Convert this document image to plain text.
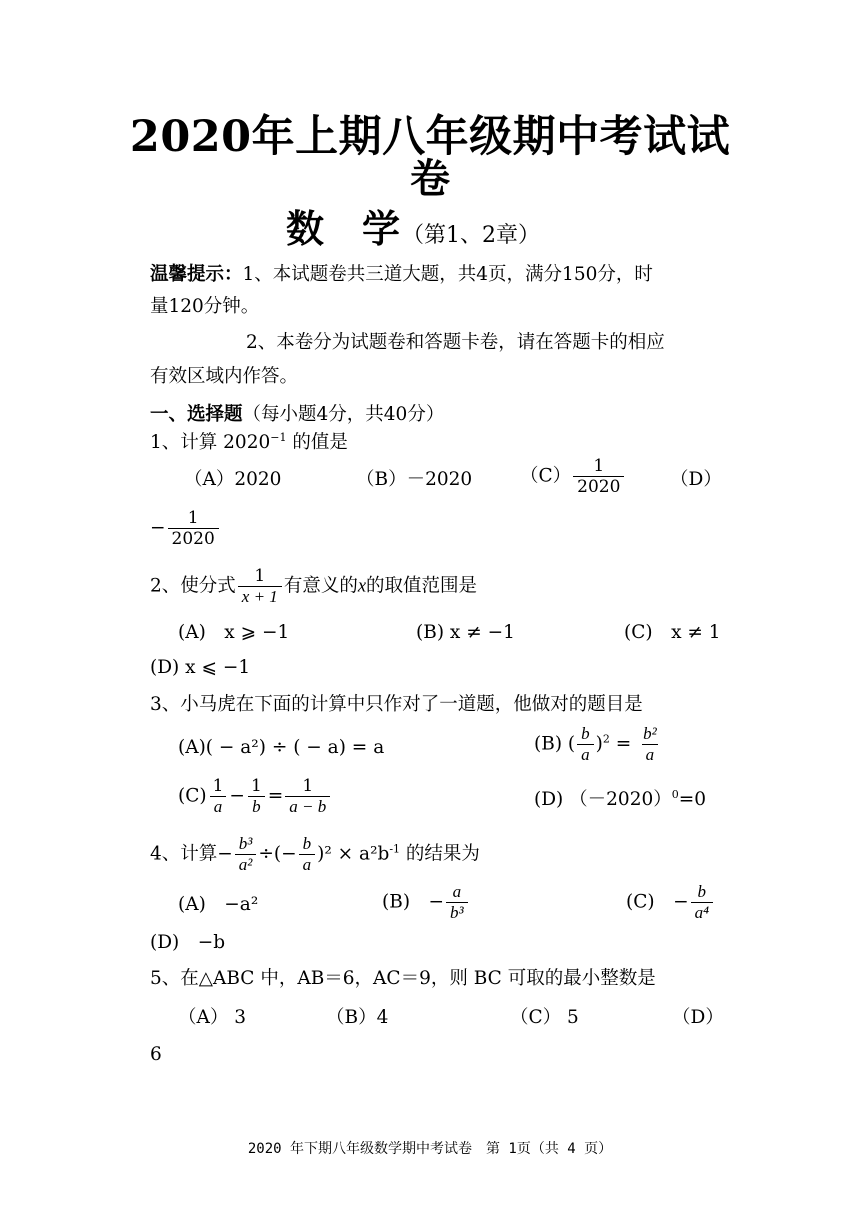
2020年上期八年级期中考试试
卷
数　学（第1、2章）
温馨提示：1、本试题卷共三道大题，共4页，满分150分，时
量120分钟。
2、本卷分为试题卷和答题卡卷，请在答题卡的相应
有效区域内作答。
一、选择题（每小题4分，共40分）
1、计算 $2020^{-1}$ 的值是
（A）2020	（B）－2020	$(C) \frac{1}{2020} (D)$
− $\frac{1}{2020}$
2、使分式 $\frac{1}{x + 1}$ 有意义的x的取值范围是
(A)　x ⩾ −1	(B) x ≠ −1	(C)　x ≠ 1
(D) x ⩽ −1
3、小马虎在下面的计算中只作对了一道题，他做对的题目是
(A)( − a²) ÷ ( − a) = a	(B) ( $\frac{b}{a} )^2 = \frac{\text{b²}}{a}$
$(C) \frac{1}{a} - \frac{1}{b} = \frac{1}{a - b}$	(D) $(-2020)^0=0$
4、计算− $\frac{\text{b³}}{\text{a²}}$ ÷(− $\frac{b}{a} )^2 \times a^2b^{-1}$ 的结果为
(A)　−a²	(B)　− $\frac{a}{\text{b³}}$	(C)　− $\frac{b}{\text{a⁴}}$
(D)　−b
5、在△ABC 中，AB＝6，AC＝9，则 BC 可取的最小整数是
（A） 3	（B）4	（C） 5	（D）
6
2020 年下期八年级数学期中考试卷　第 1页（共 4 页）
